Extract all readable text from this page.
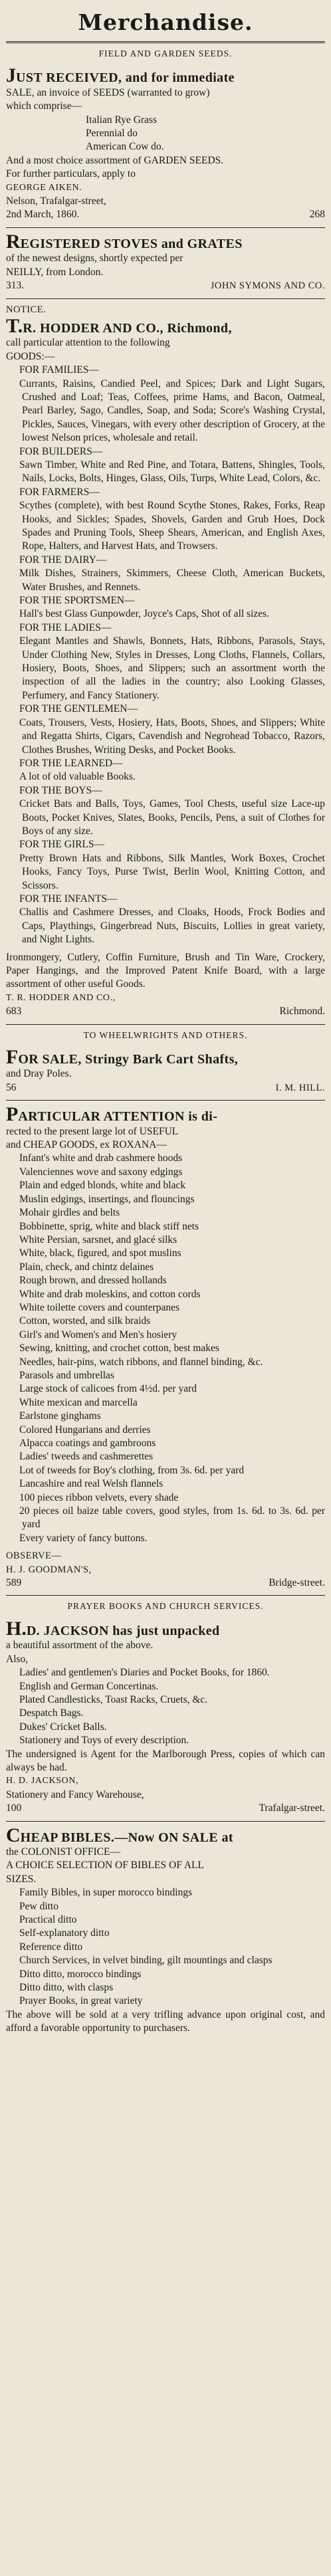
Merchandise.
FIELD AND GARDEN SEEDS.

JUST RECEIVED, and for immediate

SALE, an invoice of SEEDS (warranted to grow)

which comprise—

Italian Rye Grass

Perennial do

American Cow do.

And a most choice assortment of GARDEN SEEDS.

For further particulars, apply to

GEORGE AIKEN.

Nelson, Trafalgar-street,

2nd March, 1860.	268

REGISTERED STOVES and GRATES

of the newest designs, shortly expected per

NEILLY, from London.

313.	JOHN SYMONS AND CO.

NOTICE.

T.R. HODDER AND CO., Richmond,

call particular attention to the following

GOODS:—

FOR FAMILIES—

Currants, Raisins, Candied Peel, and Spices; Dark and Light Sugars, Crushed and Loaf; Teas, Coffees, prime Hams, and Bacon, Oatmeal, Pearl Barley, Sago, Candles, Soap, and Soda; Score's Washing Crystal, Pickles, Sauces, Vinegars, with every other description of Grocery, at the lowest Nelson prices, wholesale and retail.

FOR BUILDERS—

Sawn Timber, White and Red Pine, and Totara, Battens, Shingles, Tools, Nails, Locks, Bolts, Hinges, Glass, Oils, Turps, White Lead, Colors, &c.

FOR FARMERS—

Scythes (complete), with best Round Scythe Stones, Rakes, Forks, Reap Hooks, and Sickles; Spades, Shovels, Garden and Grub Hoes, Dock Spades and Pruning Tools, Sheep Shears, American, and English Axes, Rope, Halters, and Harvest Hats, and Trowsers.

FOR THE DAIRY—

Milk Dishes, Strainers, Skimmers, Cheese Cloth, American Buckets, Water Brushes, and Rennets.

FOR THE SPORTSMEN—

Hall's best Glass Gunpowder, Joyce's Caps, Shot of all sizes.

FOR THE LADIES—

Elegant Mantles and Shawls, Bonnets, Hats, Ribbons, Parasols, Stays, Under Clothing New, Styles in Dresses, Long Cloths, Flannels, Collars, Hosiery, Boots, Shoes, and Slippers; such an assortment worth the inspection of all the ladies in the country; also Looking Glasses, Perfumery, and Fancy Stationery.

FOR THE GENTLEMEN—

Coats, Trousers, Vests, Hosiery, Hats, Boots, Shoes, and Slippers; White and Regatta Shirts, Cigars, Cavendish and Negrohead Tobacco, Razors, Clothes Brushes, Writing Desks, and Pocket Books.

FOR THE LEARNED—

A lot of old valuable Books.

FOR THE BOYS—

Cricket Bats and Balls, Toys, Games, Tool Chests, useful size Lace-up Boots, Pocket Knives, Slates, Books, Pencils, Pens, a suit of Clothes for Boys of any size.

FOR THE GIRLS—

Pretty Brown Hats and Ribbons, Silk Mantles, Work Boxes, Crochet Hooks, Fancy Toys, Purse Twist, Berlin Wool, Knitting Cotton, and Scissors.

FOR THE INFANTS—

Challis and Cashmere Dresses, and Cloaks, Hoods, Frock Bodies and Caps, Playthings, Gingerbread Nuts, Biscuits, Lollies in great variety, and Night Lights.

Ironmongery, Cutlery, Coffin Furniture, Brush and Tin Ware, Crockery, Paper Hangings, and the Improved Patent Knife Board, with a large assortment of other useful Goods.

T. R. HODDER AND CO.,

683	Richmond.
TO WHEELWRIGHTS AND OTHERS.

FOR SALE, Stringy Bark Cart Shafts,

and Dray Poles.

56	I. M. HILL.

PARTICULAR ATTENTION is di-

rected to the present large lot of USEFUL

and CHEAP GOODS, ex ROXANA—

Infant's white and drab cashmere hoods

Valenciennes wove and saxony edgings

Plain and edged blonds, white and black

Muslin edgings, insertings, and flouncings

Mohair girdles and belts

Bobbinette, sprig, white and black stiff nets

White Persian, sarsnet, and glacé silks

White, black, figured, and spot muslins

Plain, check, and chintz delaines

Rough brown, and dressed hollands

White and drab moleskins, and cotton cords

White toilette covers and counterpanes

Cotton, worsted, and silk braids

Girl's and Women's and Men's hosiery

Sewing, knitting, and crochet cotton, best makes

Needles, hair-pins, watch ribbons, and flannel binding, &c.

Parasols and umbrellas

Large stock of calicoes from 4½d. per yard

White mexican and marcella

Earlstone ginghams

Colored Hungarians and derries

Alpacca coatings and gambroons

Ladies' tweeds and cashmerettes

Lot of tweeds for Boy's clothing, from 3s. 6d. per yard

Lancashire and real Welsh flannels

100 pieces ribbon velvets, every shade

20 pieces oil baize table covers, good styles, from 1s. 6d. to 3s. 6d. per yard

Every variety of fancy buttons.

OBSERVE—

H. J. GOODMAN'S,

589	Bridge-street.
PRAYER BOOKS AND CHURCH SERVICES.

H.D. JACKSON has just unpacked

a beautiful assortment of the above.

Also,

Ladies' and gentlemen's Diaries and Pocket Books, for 1860.

English and German Concertinas.

Plated Candlesticks, Toast Racks, Cruets, &c.

Despatch Bags.

Dukes' Cricket Balls.

Stationery and Toys of every description.

The undersigned is Agent for the Marlborough Press, copies of which can always be had.

H. D. JACKSON,

Stationery and Fancy Warehouse,

100	Trafalgar-street.

CHEAP BIBLES.—Now ON SALE at

the COLONIST OFFICE—

A CHOICE SELECTION OF BIBLES OF ALL

SIZES.

Family Bibles, in super morocco bindings

Pew ditto

Practical ditto

Self-explanatory ditto

Reference ditto

Church Services, in velvet binding, gilt mountings and clasps

Ditto ditto, morocco bindings

Ditto ditto, with clasps

Prayer Books, in great variety

The above will be sold at a very trifling advance upon original cost, and afford a favorable opportunity to purchasers.
